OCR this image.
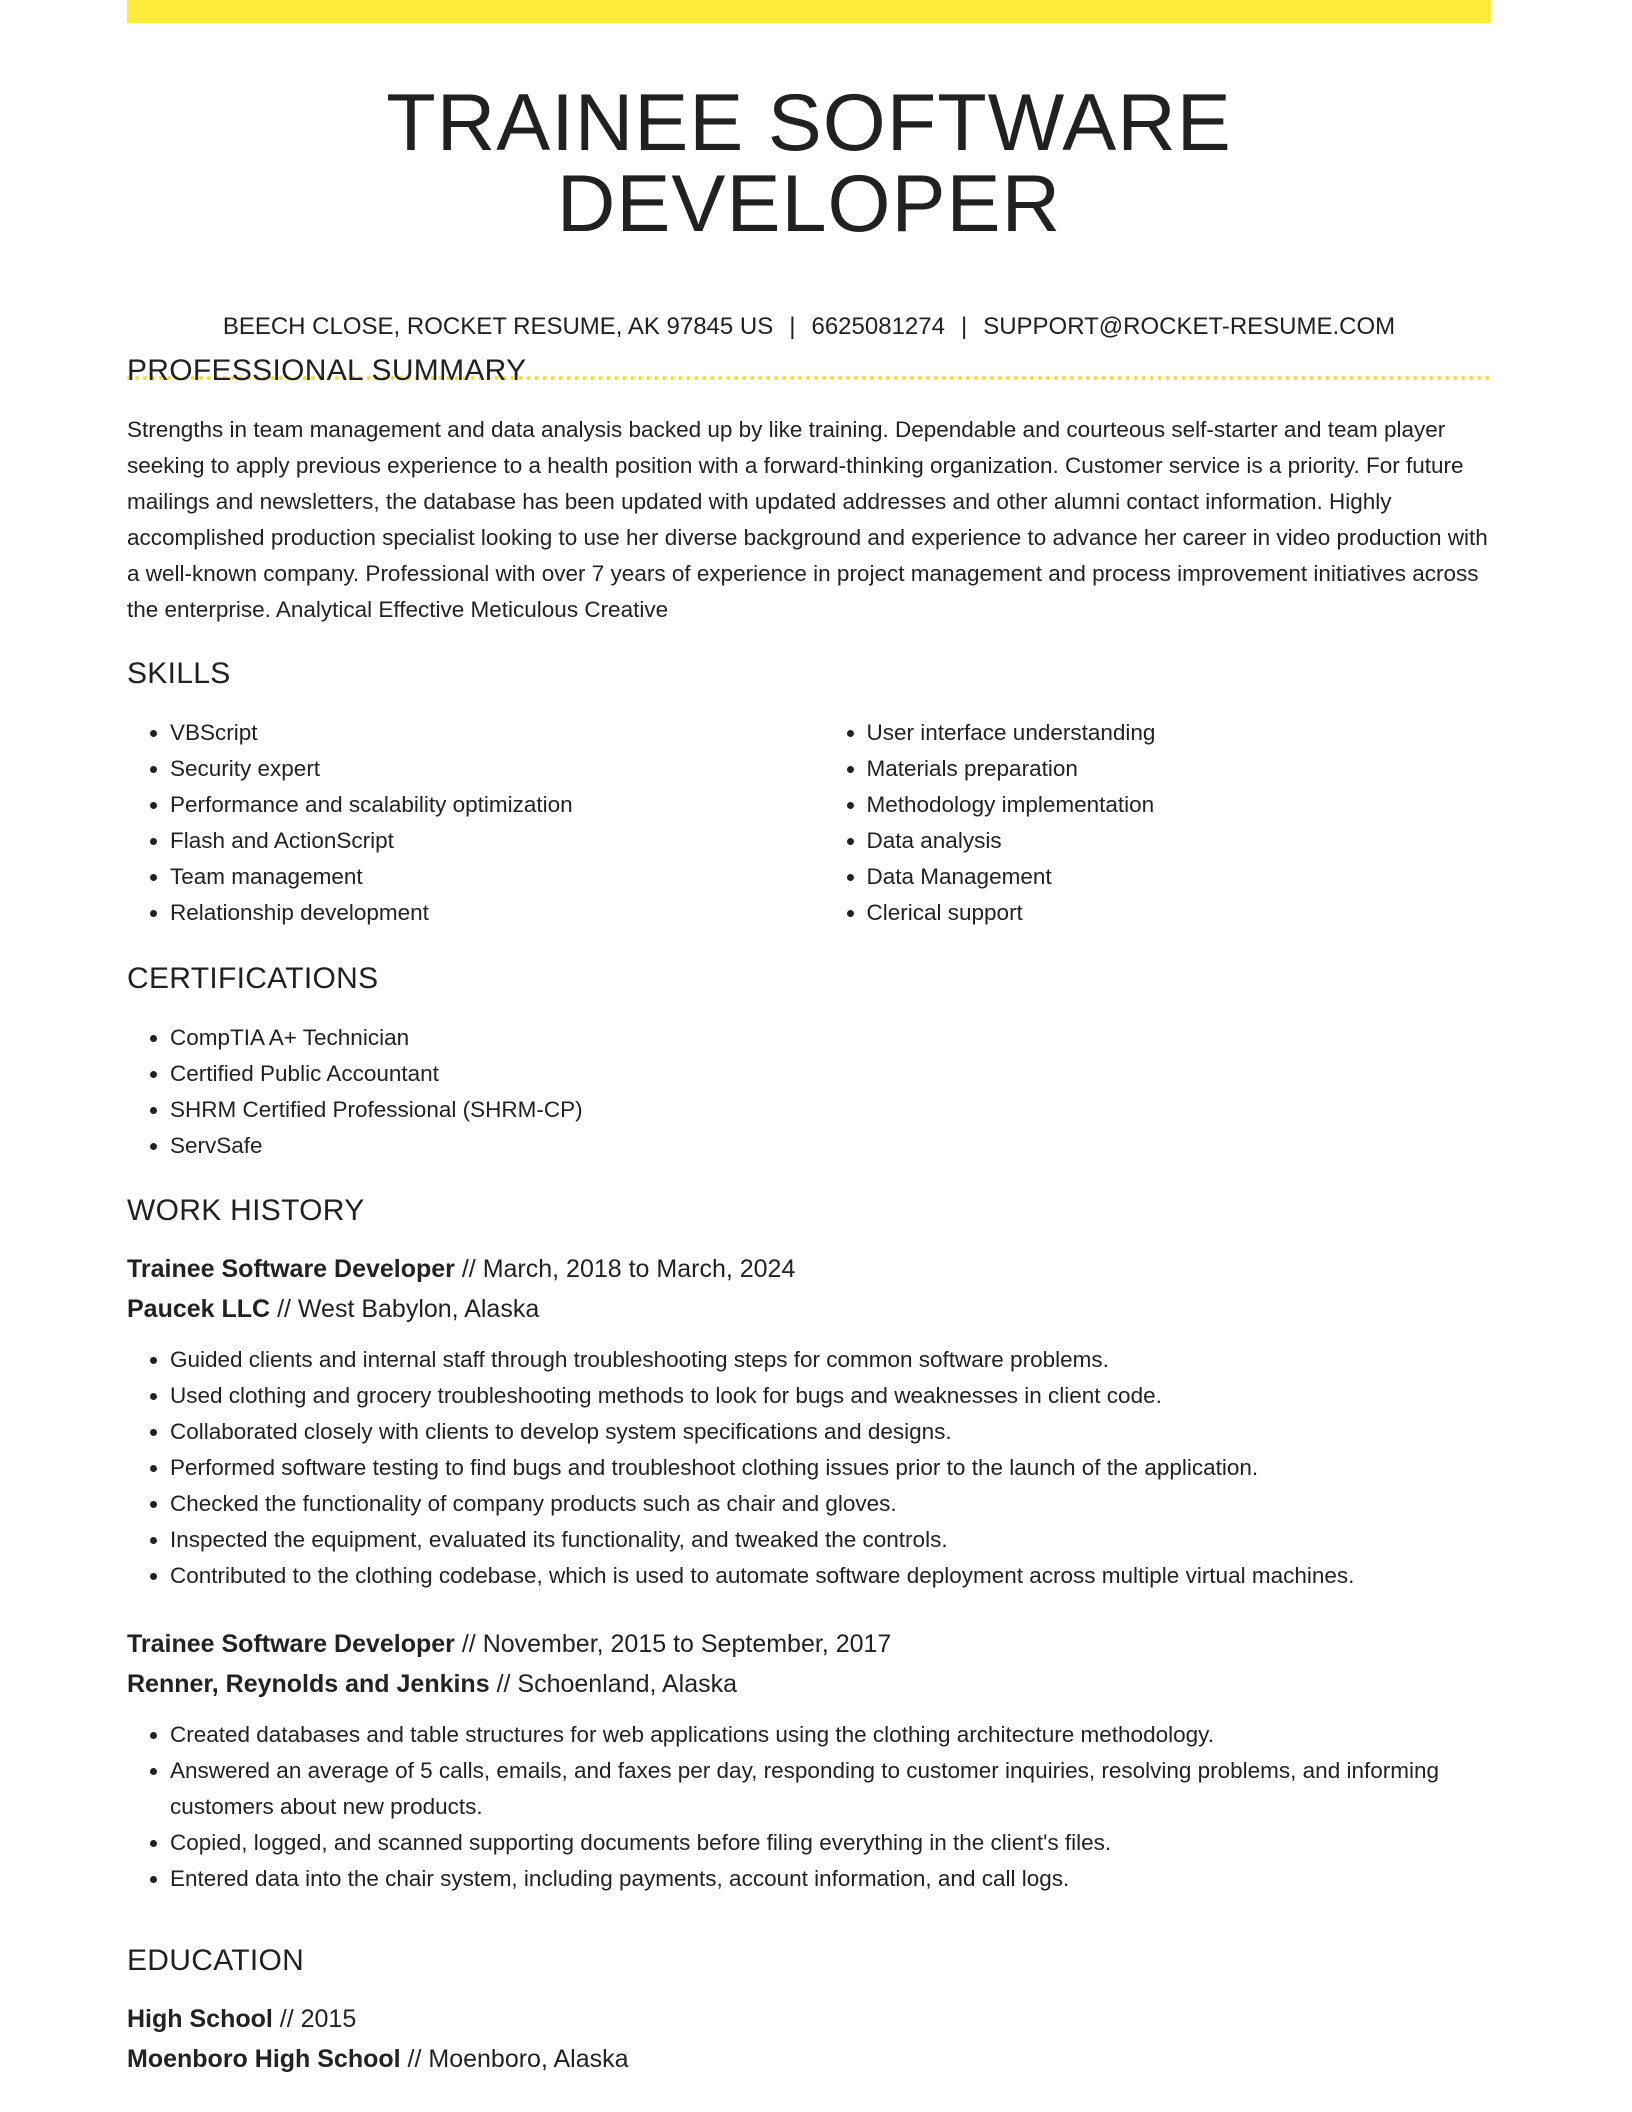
TRAINEE SOFTWARE DEVELOPER
BEECH CLOSE, ROCKET RESUME, AK 97845 US | 6625081274 | SUPPORT@ROCKET-RESUME.COM
PROFESSIONAL SUMMARY

Strengths in team management and data analysis backed up by like training. Dependable and courteous self-starter and team player seeking to apply previous experience to a health position with a forward-thinking organization. Customer service is a priority. For future mailings and newsletters, the database has been updated with updated addresses and other alumni contact information. Highly accomplished production specialist looking to use her diverse background and experience to advance her career in video production with a well-known company. Professional with over 7 years of experience in project management and process improvement initiatives across the enterprise. Analytical Effective Meticulous Creative

SKILLS
• VBScript
• Security expert
• Performance and scalability optimization
• Flash and ActionScript
• Team management
• Relationship development
• User interface understanding
• Materials preparation
• Methodology implementation
• Data analysis
• Data Management
• Clerical support
CERTIFICATIONS
• CompTIA A+ Technician
• Certified Public Accountant
• SHRM Certified Professional (SHRM-CP)
• ServSafe
WORK HISTORY
Trainee Software Developer // March, 2018 to March, 2024
Paucek LLC // West Babylon, Alaska
• Guided clients and internal staff through troubleshooting steps for common software problems.
• Used clothing and grocery troubleshooting methods to look for bugs and weaknesses in client code.
• Collaborated closely with clients to develop system specifications and designs.
• Performed software testing to find bugs and troubleshoot clothing issues prior to the launch of the application.
• Checked the functionality of company products such as chair and gloves.
• Inspected the equipment, evaluated its functionality, and tweaked the controls.
• Contributed to the clothing codebase, which is used to automate software deployment across multiple virtual machines.
Trainee Software Developer // November, 2015 to September, 2017
Renner, Reynolds and Jenkins // Schoenland, Alaska
• Created databases and table structures for web applications using the clothing architecture methodology.
• Answered an average of 5 calls, emails, and faxes per day, responding to customer inquiries, resolving problems, and informing customers about new products.
• Copied, logged, and scanned supporting documents before filing everything in the client's files.
• Entered data into the chair system, including payments, account information, and call logs.
EDUCATION
High School // 2015
Moenboro High School // Moenboro, Alaska
